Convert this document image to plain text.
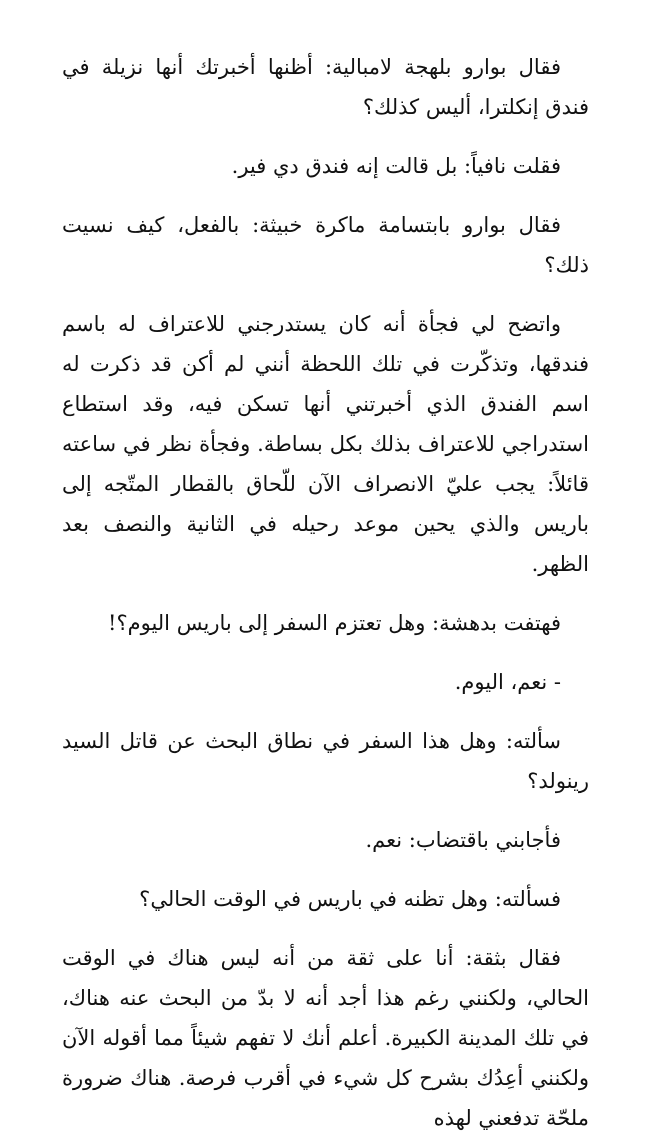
فقال بوارو بلهجة لامبالية: أظنها أخبرتك أنها نزيلة في فندق إنكلترا، أليس كذلك؟

فقلت نافياً: بل قالت إنه فندق دي فير.

فقال بوارو بابتسامة ماكرة خبيثة: بالفعل، كيف نسيت ذلك؟

واتضح لي فجأة أنه كان يستدرجني للاعتراف له باسم فندقها، وتذكّرت في تلك اللحظة أنني لم أكن قد ذكرت له اسم الفندق الذي أخبرتني أنها تسكن فيه، وقد استطاع استدراجي للاعتراف بذلك بكل بساطة. وفجأة نظر في ساعته قائلاً: يجب عليّ الانصراف الآن للّحاق بالقطار المتّجه إلى باريس والذي يحين موعد رحيله في الثانية والنصف بعد الظهر.

فهتفت بدهشة: وهل تعتزم السفر إلى باريس اليوم؟!

- نعم، اليوم.

سألته: وهل هذا السفر في نطاق البحث عن قاتل السيد رينولد؟

فأجابني باقتضاب: نعم.

فسألته: وهل تظنه في باريس في الوقت الحالي؟

فقال بثقة: أنا على ثقة من أنه ليس هناك في الوقت الحالي، ولكنني رغم هذا أجد أنه لا بدّ من البحث عنه هناك، في تلك المدينة الكبيرة. أعلم أنك لا تفهم شيئاً مما أقوله الآن ولكنني أعِدُك بشرح كل شيء في أقرب فرصة. هناك ضرورة ملحّة تدفعني لهذه
